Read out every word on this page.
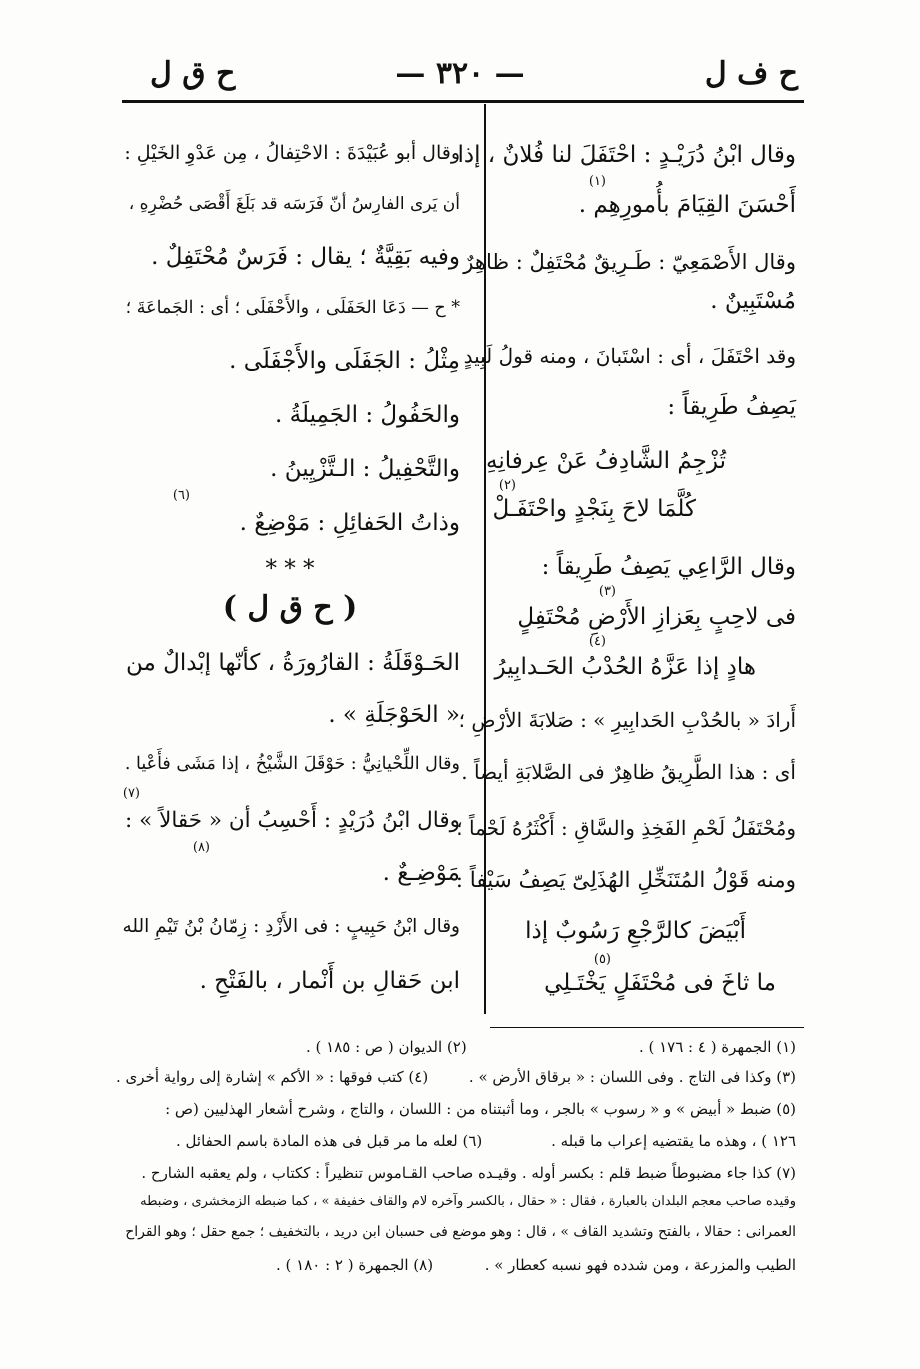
ح ف ل
— ٣٢٠ —
ح ق ل
وقال ابْنُ دُرَيْـدٍ : احْتَفَلَ لنا فُلانٌ ، إذا
(١)
أَحْسَنَ القِيَامَ بأُمورِهِم .
وقال الأَصْمَعِيّ : طَـرِيقٌ مُحْتَفِلٌ : ظاهِرٌ
مُسْتَبِينٌ .
وقد احْتَفَلَ ، أى : اسْتَبانَ ، ومنه قولُ لَبِيدٍ
يَصِفُ طَرِيقاً :
تُزْجِمُ الشَّادِفُ عَنْ عِرفانِهِ
(٢)
كُلَّمَا لاحَ بِنَجْدٍ واحْتَفَـلْ
وقال الرَّاعِي يَصِفُ طَرِيقاً :
(٣)
فى لاحِبٍ بِعَزازِ الأَرْضِ مُحْتَفِلٍ
(٤)
هادٍ إذا عَزَّهُ الحُدْبُ الحَـدابِيرُ
أَرادَ « بالحُدْبِ الحَدابِيرِ » : صَلابَةَ الأرْضِ ؛
أى : هذا الطَّرِيقُ ظاهِرٌ فى الصَّلابَةِ أيضاً .
ومُحْتَفَلُ لَحْمِ الفَخِذِ والسَّاقِ : أَكْثَرُهُ لَحْماً ؛
ومنه قَوْلُ المُتَنَخِّلِ الهُذَلِىّ يَصِفُ سَيْفاً :
أَبْيَضَ كالرَّجْعِ رَسُوبٌ إذا
(٥)
ما ثاخَ فى مُحْتَفَلٍ يَخْتَـلِي
وقال أبو عُبَيْدَةَ : الاحْتِفالُ ، مِن عَدْوِ الخَيْلِ :
أن يَرى الفارِسُ أنّ فَرَسَه قد بَلَغَ أَقْصَى حُضْرِهِ ،
وفيه بَقِيَّةٌ ؛ يقال : فَرَسٌ مُحْتَفِلٌ .
* ح — دَعَا الحَفَلَى ، والأَحْفَلَى ؛ أى : الجَماعَةَ ؛
مِثْلُ : الجَفَلَى والأَجْفَلَى .
والحَفُولُ : الجَمِيلَةُ .
والتَّحْفِيلُ : الـتَّزْيِينُ .
(٦)
وذاتُ الحَفائِلِ : مَوْضِعٌ .
* * *
( ح ق ل )
الحَـوْقَلَةُ : القارُورَةُ ، كأنّها إبْدالٌ من
« الحَوْجَلَةِ » .
وقال اللِّحْيانِيُّ : حَوْقَلَ الشَّيْخُ ، إذا مَشَى فأَعْيا .
(٧)
وقال ابْنُ دُرَيْدٍ : أَحْسِبُ أن « حَقالاً » :
(٨)
مَوْضِـعٌ .
وقال ابْنُ حَبِيبٍ : فى الأَزْدِ : زِمّانُ بْنُ تَيْمِ الله
ابن حَقالِ بن أَنْمار ، بالفَتْحِ .
(١) الجمهرة ( ٤ : ١٧٦ ) .
(٢) الديوان ( ص : ١٨٥ ) .
(٣) وكذا فى التاج . وفى اللسان : « برقاق الأرض » .
(٤) كتب فوقها : « الأكم » إشارة إلى رواية أخرى .
(٥) ضبط « أبيض » و « رسوب » بالجر ، وما أثبتناه من : اللسان ، والتاج ، وشرح أشعار الهذليين (ص :
١٢٦ ) ، وهذه ما يقتضيه إعراب ما قبله .
(٦) لعله ما مر قبل فى هذه المادة باسم الحفائل .
(٧) كذا جاء مضبوطاً ضبط قلم : بكسر أوله . وقيـده صاحب القـاموس تنظيراً : ككتاب ، ولم يعقبه الشارح .
وقيده صاحب معجم البلدان بالعبارة ، فقال : « حقال ، بالكسر وآخره لام والقاف خفيفة » ، كما ضبطه الزمخشرى ، وضبطه
العمرانى : حقالا ، بالفتح وتشديد القاف » ، قال : وهو موضع فى حسبان ابن دريد ، بالتخفيف ؛ جمع حقل ؛ وهو القراح
الطيب والمزرعة ، ومن شدده فهو نسبه كعطار » .
(٨) الجمهرة ( ٢ : ١٨٠ ) .
